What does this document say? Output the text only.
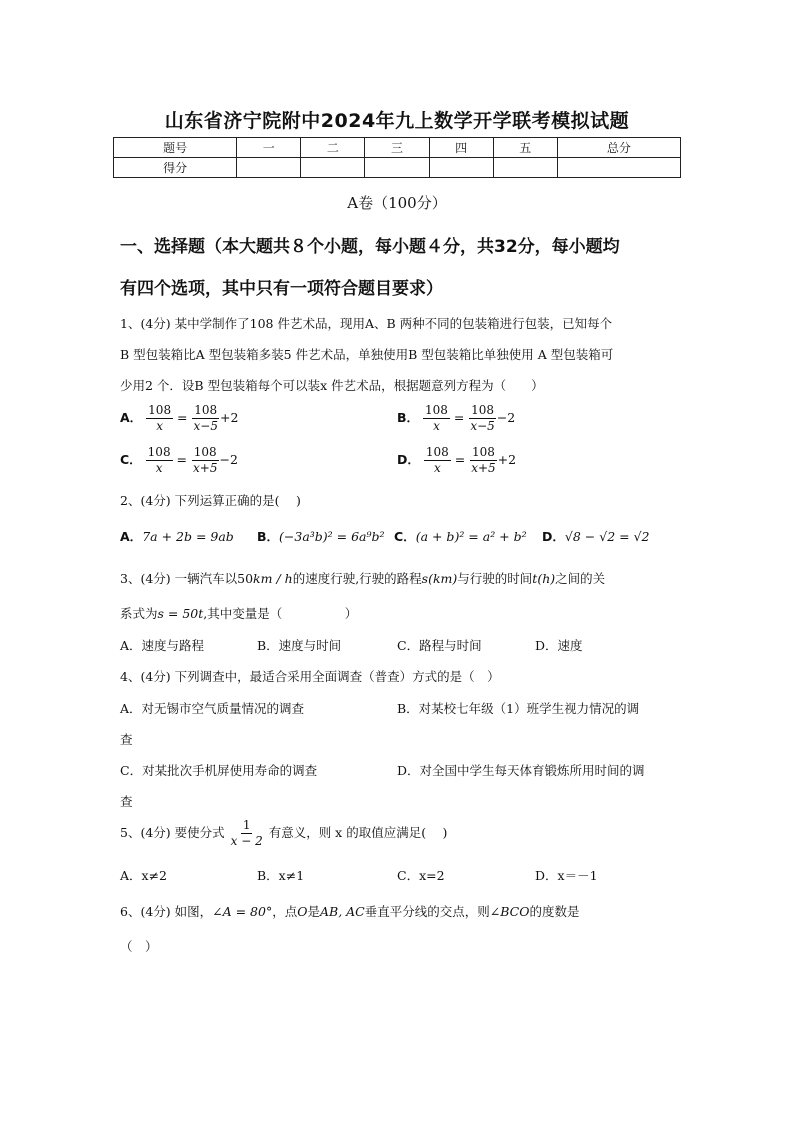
山东省济宁院附中2024年九上数学开学联考模拟试题
题号	一	二	三	四	五	总分
得分						
A卷（100分）
一、选择题（本大题共８个小题，每小题４分，共32分，每小题均
有四个选项，其中只有一项符合题目要求）
1、(4分) 某中学制作了108 件艺术品，现用A、B 两种不同的包装箱进行包装，已知每个
B 型包装箱比A 型包装箱多装5 件艺术品，单独使用B 型包装箱比单独使用 A 型包装箱可
少用2 个．设B 型包装箱每个可以装x 件艺术品，根据题意列方程为（　　）
A． $\frac{108}{x} = \frac{108}{x-5} +2$	B． $\frac{108}{x} = \frac{108}{x-5} -2$
C． $\frac{108}{x} = \frac{108}{x+5} -2$	D． $\frac{108}{x} = \frac{108}{x+5} +2$
2、(4分) 下列运算正确的是(　 )
A．7a + 2b = 9ab B．(−3a³b)² = 6a⁹b² C．(a + b)² = a² + b² D．√8 − √2 = √2
3、(4分) 一辆汽车以50km / h的速度行驶,行驶的路程s(km)与行驶的时间t(h)之间的关
系式为s = 50t,其中变量是（　　　　　）
A．速度与路程	B．速度与时间	C．路程与时间	D．速度
4、(4分) 下列调查中，最适合采用全面调查（普查）方式的是（　）
A．对无锡市空气质量情况的调查	B．对某校七年级（1）班学生视力情况的调
查
C．对某批次手机屏使用寿命的调查	D．对全国中学生每天体育锻炼所用时间的调
查
5、(4分) 要使分式 $\frac{1}{x - 2}$ 有意义，则 x 的取值应满足(　 )
A．x≠2	B．x≠1	C．x=2	D．x＝－1
6、(4分) 如图，∠A = 80°，点O是AB, AC垂直平分线的交点，则∠BCO的度数是
（　）
